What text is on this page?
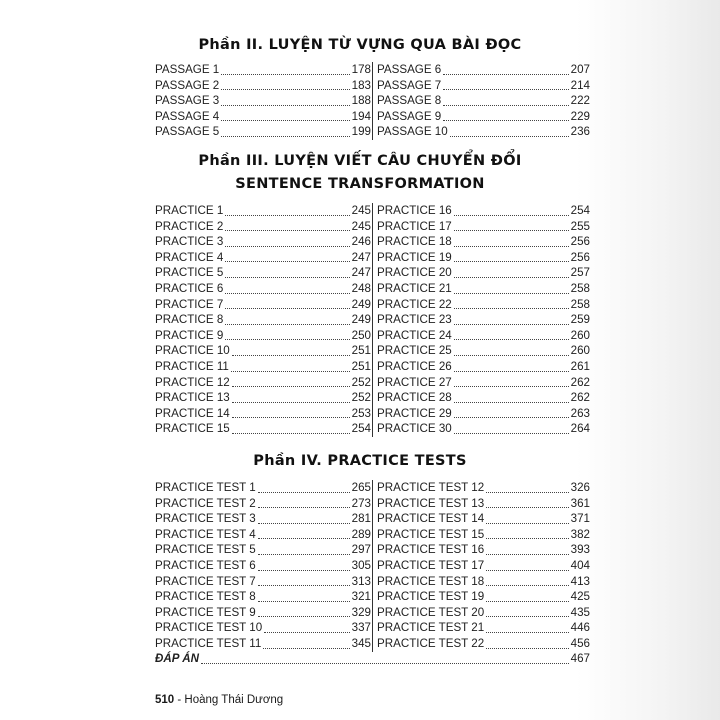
Phần II. LUYỆN TỪ VỰNG QUA BÀI ĐỌC
PASSAGE 1	178
PASSAGE 2	183
PASSAGE 3	188
PASSAGE 4	194
PASSAGE 5	199
PASSAGE 6	207
PASSAGE 7	214
PASSAGE 8	222
PASSAGE 9	229
PASSAGE 10	236
Phần III. LUYỆN VIẾT CÂU CHUYỂN ĐỔI
SENTENCE TRANSFORMATION
PRACTICE 1	245
PRACTICE 2	245
PRACTICE 3	246
PRACTICE 4	247
PRACTICE 5	247
PRACTICE 6	248
PRACTICE 7	249
PRACTICE 8	249
PRACTICE 9	250
PRACTICE 10	251
PRACTICE 11	251
PRACTICE 12	252
PRACTICE 13	252
PRACTICE 14	253
PRACTICE 15	254
PRACTICE 16	254
PRACTICE 17	255
PRACTICE 18	256
PRACTICE 19	256
PRACTICE 20	257
PRACTICE 21	258
PRACTICE 22	258
PRACTICE 23	259
PRACTICE 24	260
PRACTICE 25	260
PRACTICE 26	261
PRACTICE 27	262
PRACTICE 28	262
PRACTICE 29	263
PRACTICE 30	264
Phần IV. PRACTICE TESTS
PRACTICE TEST 1	265
PRACTICE TEST 2	273
PRACTICE TEST 3	281
PRACTICE TEST 4	289
PRACTICE TEST 5	297
PRACTICE TEST 6	305
PRACTICE TEST 7	313
PRACTICE TEST 8	321
PRACTICE TEST 9	329
PRACTICE TEST 10	337
PRACTICE TEST 11	345
PRACTICE TEST 12	326
PRACTICE TEST 13	361
PRACTICE TEST 14	371
PRACTICE TEST 15	382
PRACTICE TEST 16	393
PRACTICE TEST 17	404
PRACTICE TEST 18	413
PRACTICE TEST 19	425
PRACTICE TEST 20	435
PRACTICE TEST 21	446
PRACTICE TEST 22	456
ĐÁP ÁN	467
510 - Hoàng Thái Dương
